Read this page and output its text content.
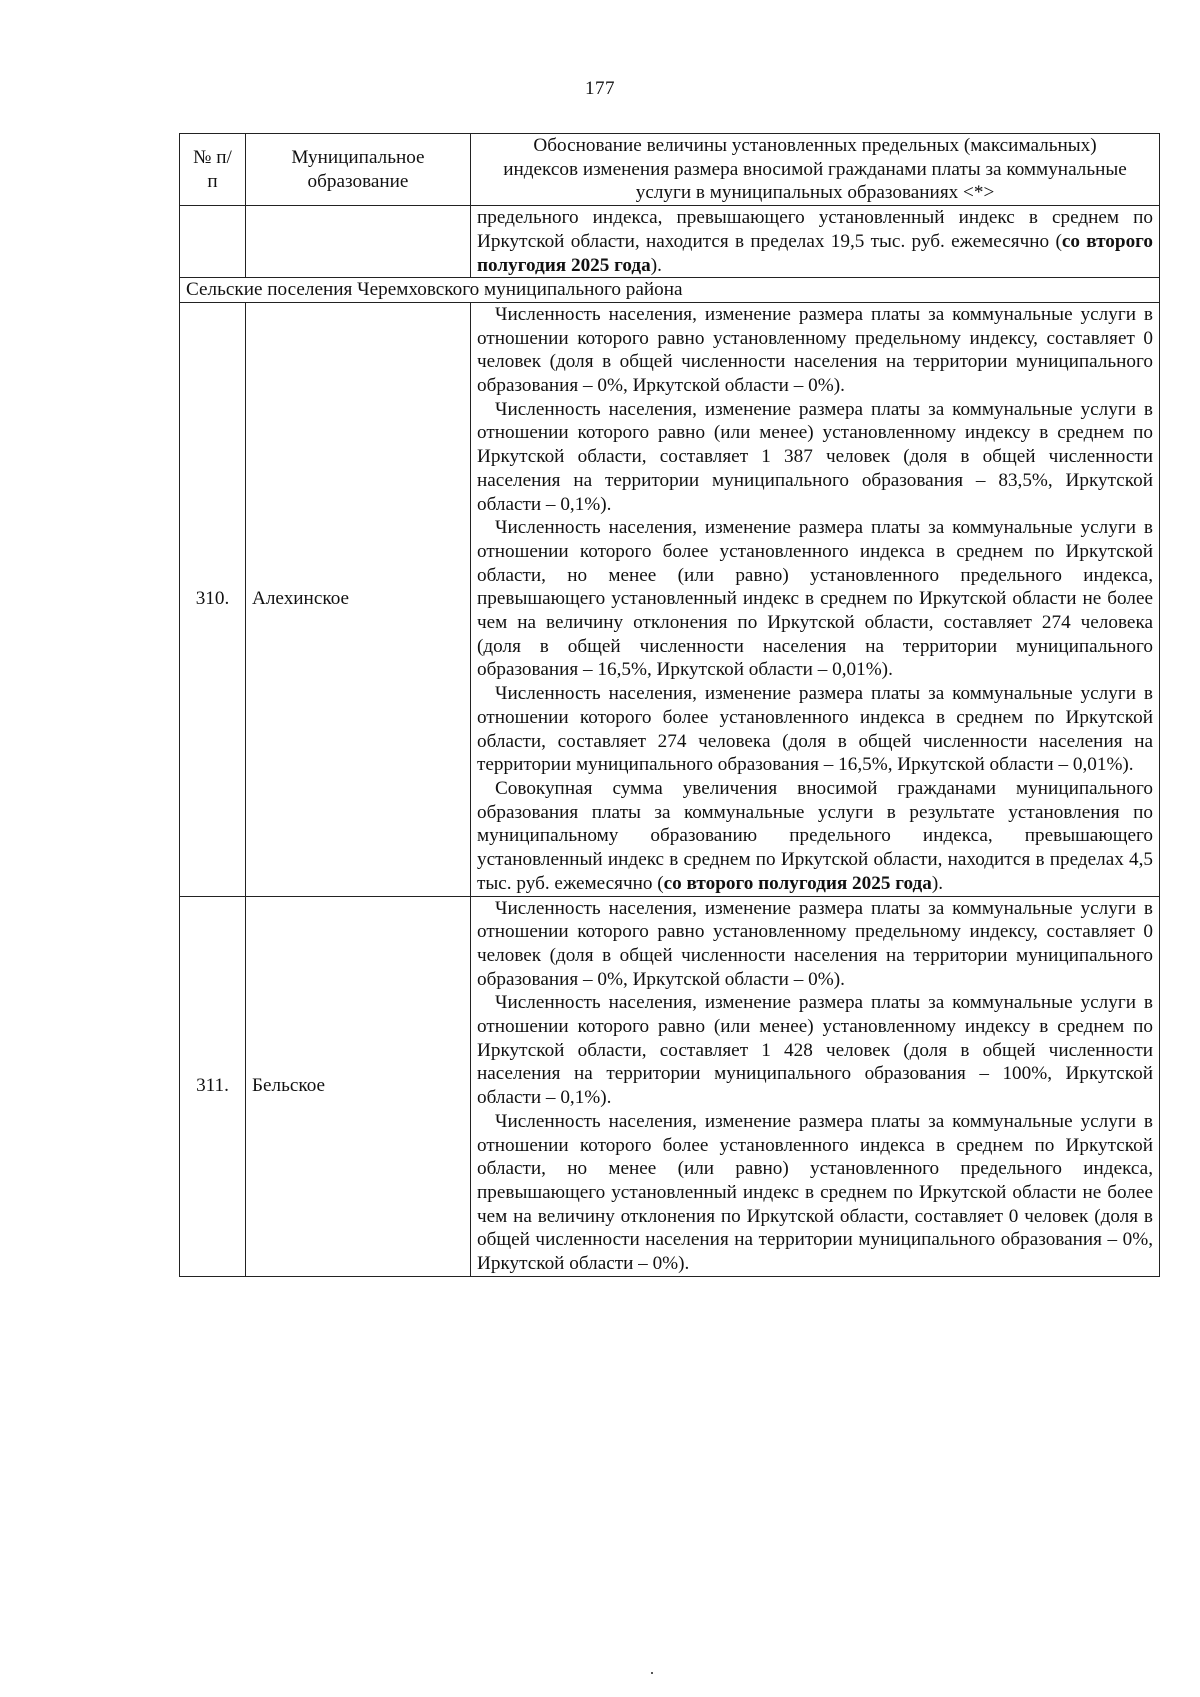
177
№ п/п	Муниципальное образование	Обоснование величины установленных предельных (максимальных) индексов изменения размера вносимой гражданами платы за коммунальные услуги в муниципальных образованиях <*>

		предельного индекса, превышающего установленный индекс в среднем по Иркутской области, находится в пределах 19,5 тыс. руб. ежемесячно (со второго полугодия 2025 года).

Сельские поселения Черемховского муниципального района		
310.	Алехинское	Численность населения, изменение размера платы за коммунальные услуги в отношении которого равно установленному предельному индексу, составляет 0 человек (доля в общей численности населения на территории муниципального образования – 0%, Иркутской области – 0%).

Численность населения, изменение размера платы за коммунальные услуги в отношении которого равно (или менее) установленному индексу в среднем по Иркутской области, составляет 1 387 человек (доля в общей численности населения на территории муниципального образования – 83,5%, Иркутской области – 0,1%).

Численность населения, изменение размера платы за коммунальные услуги в отношении которого более установленного индекса в среднем по Иркутской области, но менее (или равно) установленного предельного индекса, превышающего установленный индекс в среднем по Иркутской области не более чем на величину отклонения по Иркутской области, составляет 274 человека (доля в общей численности населения на территории муниципального образования – 16,5%, Иркутской области – 0,01%).

Численность населения, изменение размера платы за коммунальные услуги в отношении которого более установленного индекса в среднем по Иркутской области, составляет 274 человека (доля в общей численности населения на территории муниципального образования – 16,5%, Иркутской области – 0,01%).

Совокупная сумма увеличения вносимой гражданами муниципального образования платы за коммунальные услуги в результате установления по муниципальному образованию предельного индекса, превышающего установленный индекс в среднем по Иркутской области, находится в пределах 4,5 тыс. руб. ежемесячно (со второго полугодия 2025 года).

311.	Бельское	Численность населения, изменение размера платы за коммунальные услуги в отношении которого равно установленному предельному индексу, составляет 0 человек (доля в общей численности населения на территории муниципального образования – 0%, Иркутской области – 0%).

Численность населения, изменение размера платы за коммунальные услуги в отношении которого равно (или менее) установленному индексу в среднем по Иркутской области, составляет 1 428 человек (доля в общей численности населения на территории муниципального образования – 100%, Иркутской области – 0,1%).

Численность населения, изменение размера платы за коммунальные услуги в отношении которого более установленного индекса в среднем по Иркутской области, но менее (или равно) установленного предельного индекса, превышающего установленный индекс в среднем по Иркутской области не более чем на величину отклонения по Иркутской области, составляет 0 человек (доля в общей численности населения на территории муниципального образования – 0%, Иркутской области – 0%).
